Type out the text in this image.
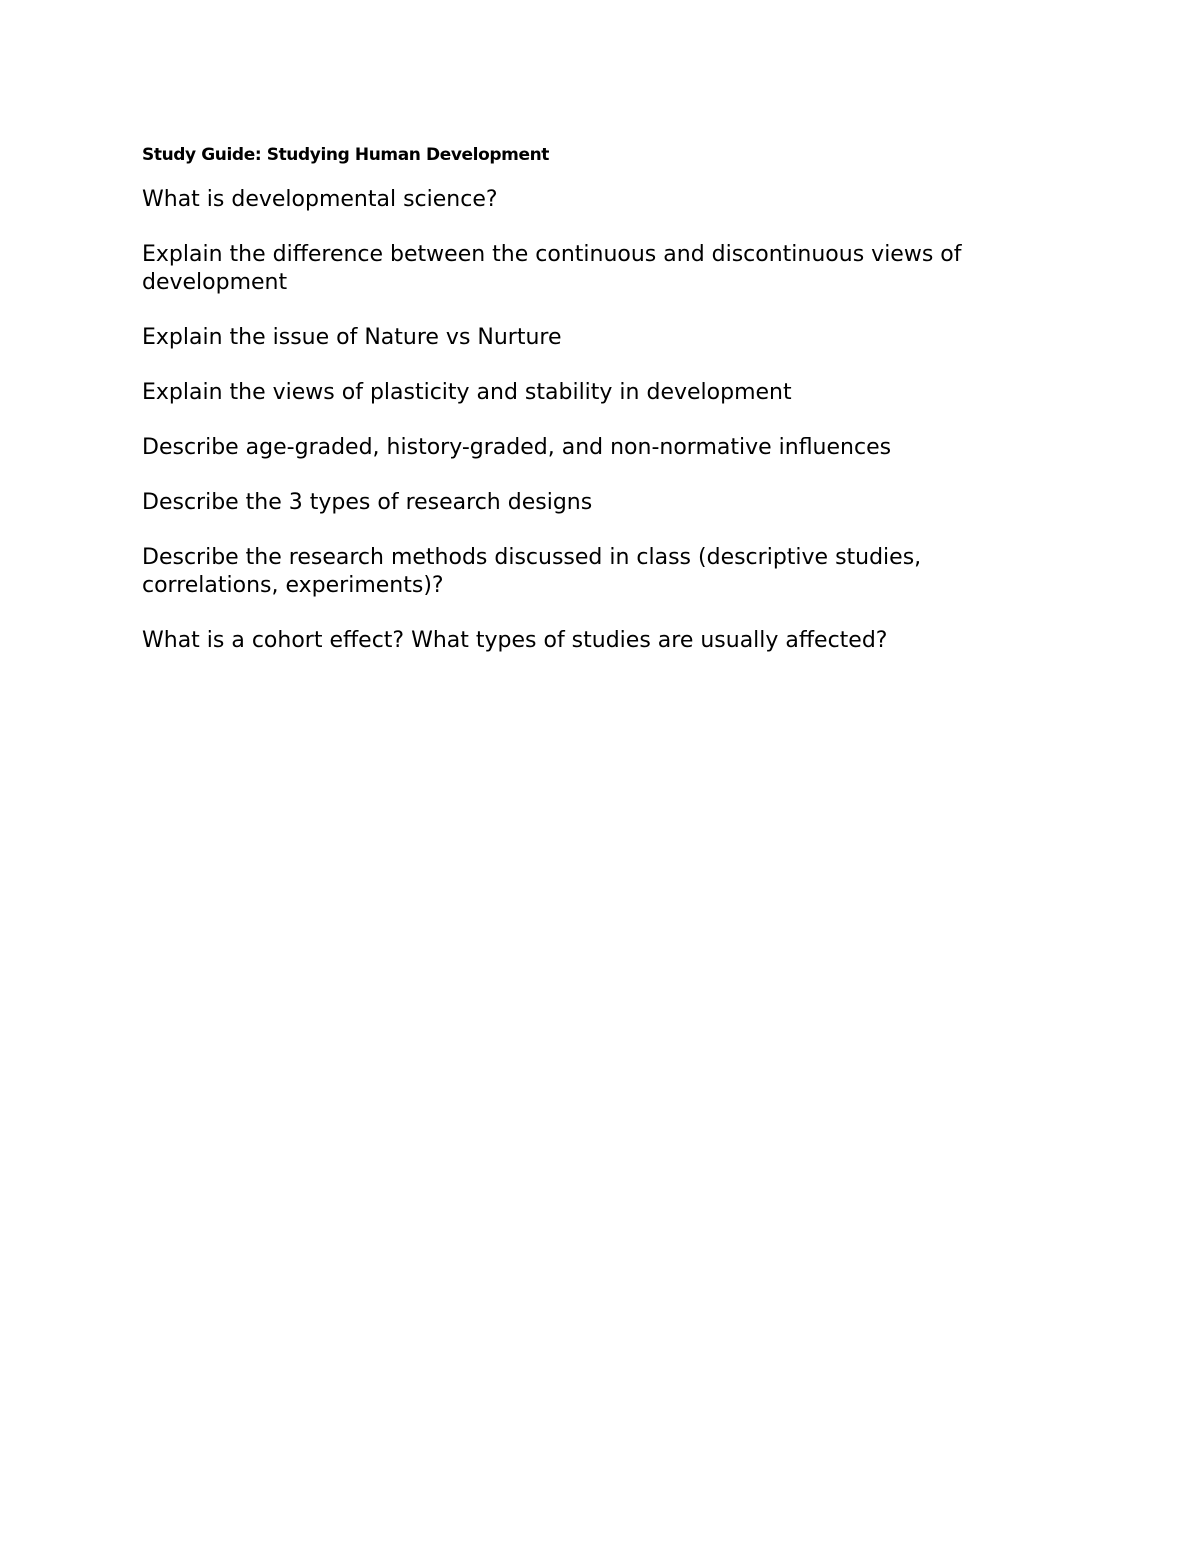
Study Guide: Studying Human Development
What is developmental science?
Explain the difference between the continuous and discontinuous views of development
Explain the issue of Nature vs Nurture
Explain the views of plasticity and stability in development
Describe age-graded, history-graded, and non-normative influences
Describe the 3 types of research designs
Describe the research methods discussed in class (descriptive studies, correlations, experiments)?
What is a cohort effect? What types of studies are usually affected?
